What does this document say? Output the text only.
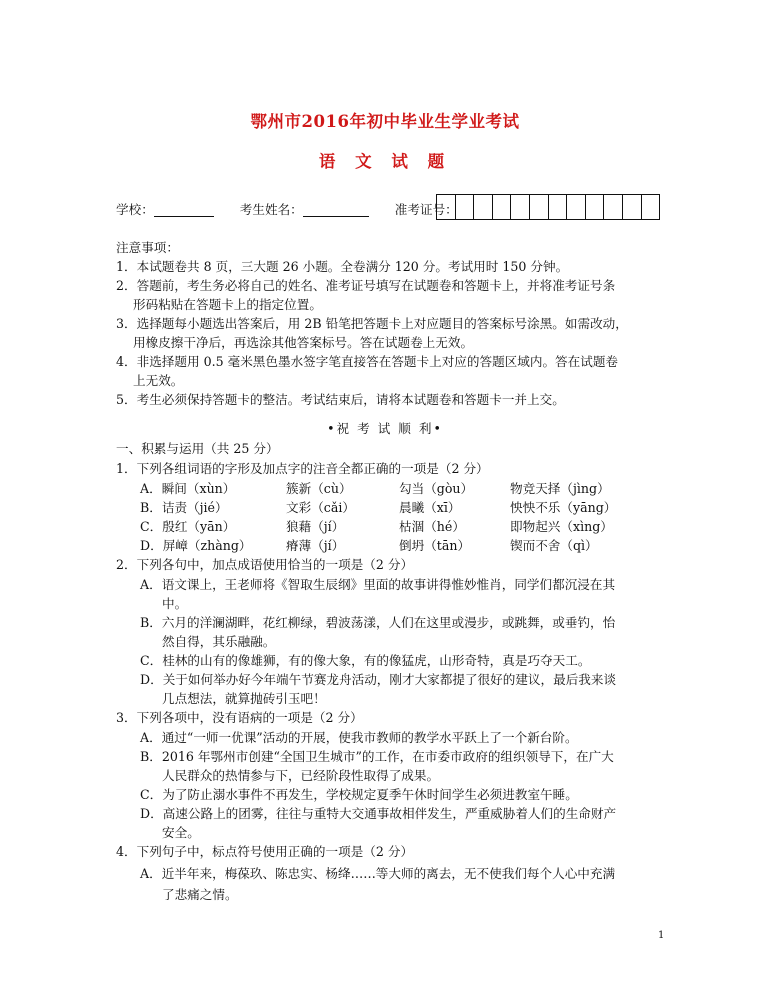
鄂州市2016年初中毕业生学业考试
语 文 试 题
学校：	考生姓名：	准考证号：
注意事项：
1．本试题卷共 8 页，三大题 26 小题。全卷满分 120 分。考试用时 150 分钟。
2．答题前，考生务必将自己的姓名、准考证号填写在试题卷和答题卡上，并将准考证号条
形码粘贴在答题卡上的指定位置。
3．选择题每小题选出答案后，用 2B 铅笔把答题卡上对应题目的答案标号涂黑。如需改动，
用橡皮擦干净后，再选涂其他答案标号。答在试题卷上无效。
4．非选择题用 0.5 毫米黑色墨水签字笔直接答在答题卡上对应的答题区域内。答在试题卷
上无效。
5．考生必须保持答题卡的整洁。考试结束后，请将本试题卷和答题卡一并上交。
•祝 考 试 顺 利•
一、积累与运用（共 25 分）
1．下列各组词语的字形及加点字的注音全都正确的一项是（2 分）
A．瞬间（xùn）	簇新（cù）	勾当（gòu）	物竞天择（jìng）
B．诘责（jié）	文彩（cǎi）	晨曦（xī）	怏怏不乐（yāng）
C．殷红（yān）	狼藉（jí）	枯涸（hé）	即物起兴（xìng）
D．屏嶂（zhàng）	瘠薄（jí）	倒坍（tān）	锲而不舍（qì）
2．下列各句中，加点成语使用恰当的一项是（2 分）
A．语文课上，王老师将《智取生辰纲》里面的故事讲得惟妙惟肖，同学们都沉浸在其
中。
B．六月的洋澜湖畔，花红柳绿，碧波荡漾，人们在这里或漫步，或跳舞，或垂钓，怡
然自得，其乐融融。
C．桂林的山有的像雄狮，有的像大象，有的像猛虎，山形奇特，真是巧夺天工。
D．关于如何举办好今年端午节赛龙舟活动，刚才大家都提了很好的建议，最后我来谈
几点想法，就算抛砖引玉吧！
3．下列各项中，没有语病的一项是（2 分）
A．通过“一师一优课”活动的开展，使我市教师的教学水平跃上了一个新台阶。
B．2016 年鄂州市创建“全国卫生城市”的工作，在市委市政府的组织领导下，在广大
人民群众的热情参与下，已经阶段性取得了成果。
C．为了防止溺水事件不再发生，学校规定夏季午休时间学生必须进教室午睡。
D．高速公路上的团雾，往往与重特大交通事故相伴发生，严重威胁着人们的生命财产
安全。
4．下列句子中，标点符号使用正确的一项是（2 分）
A．近半年来，梅葆玖、陈忠实、杨绛……等大师的离去，无不使我们每个人心中充满
了悲痛之情。
1
